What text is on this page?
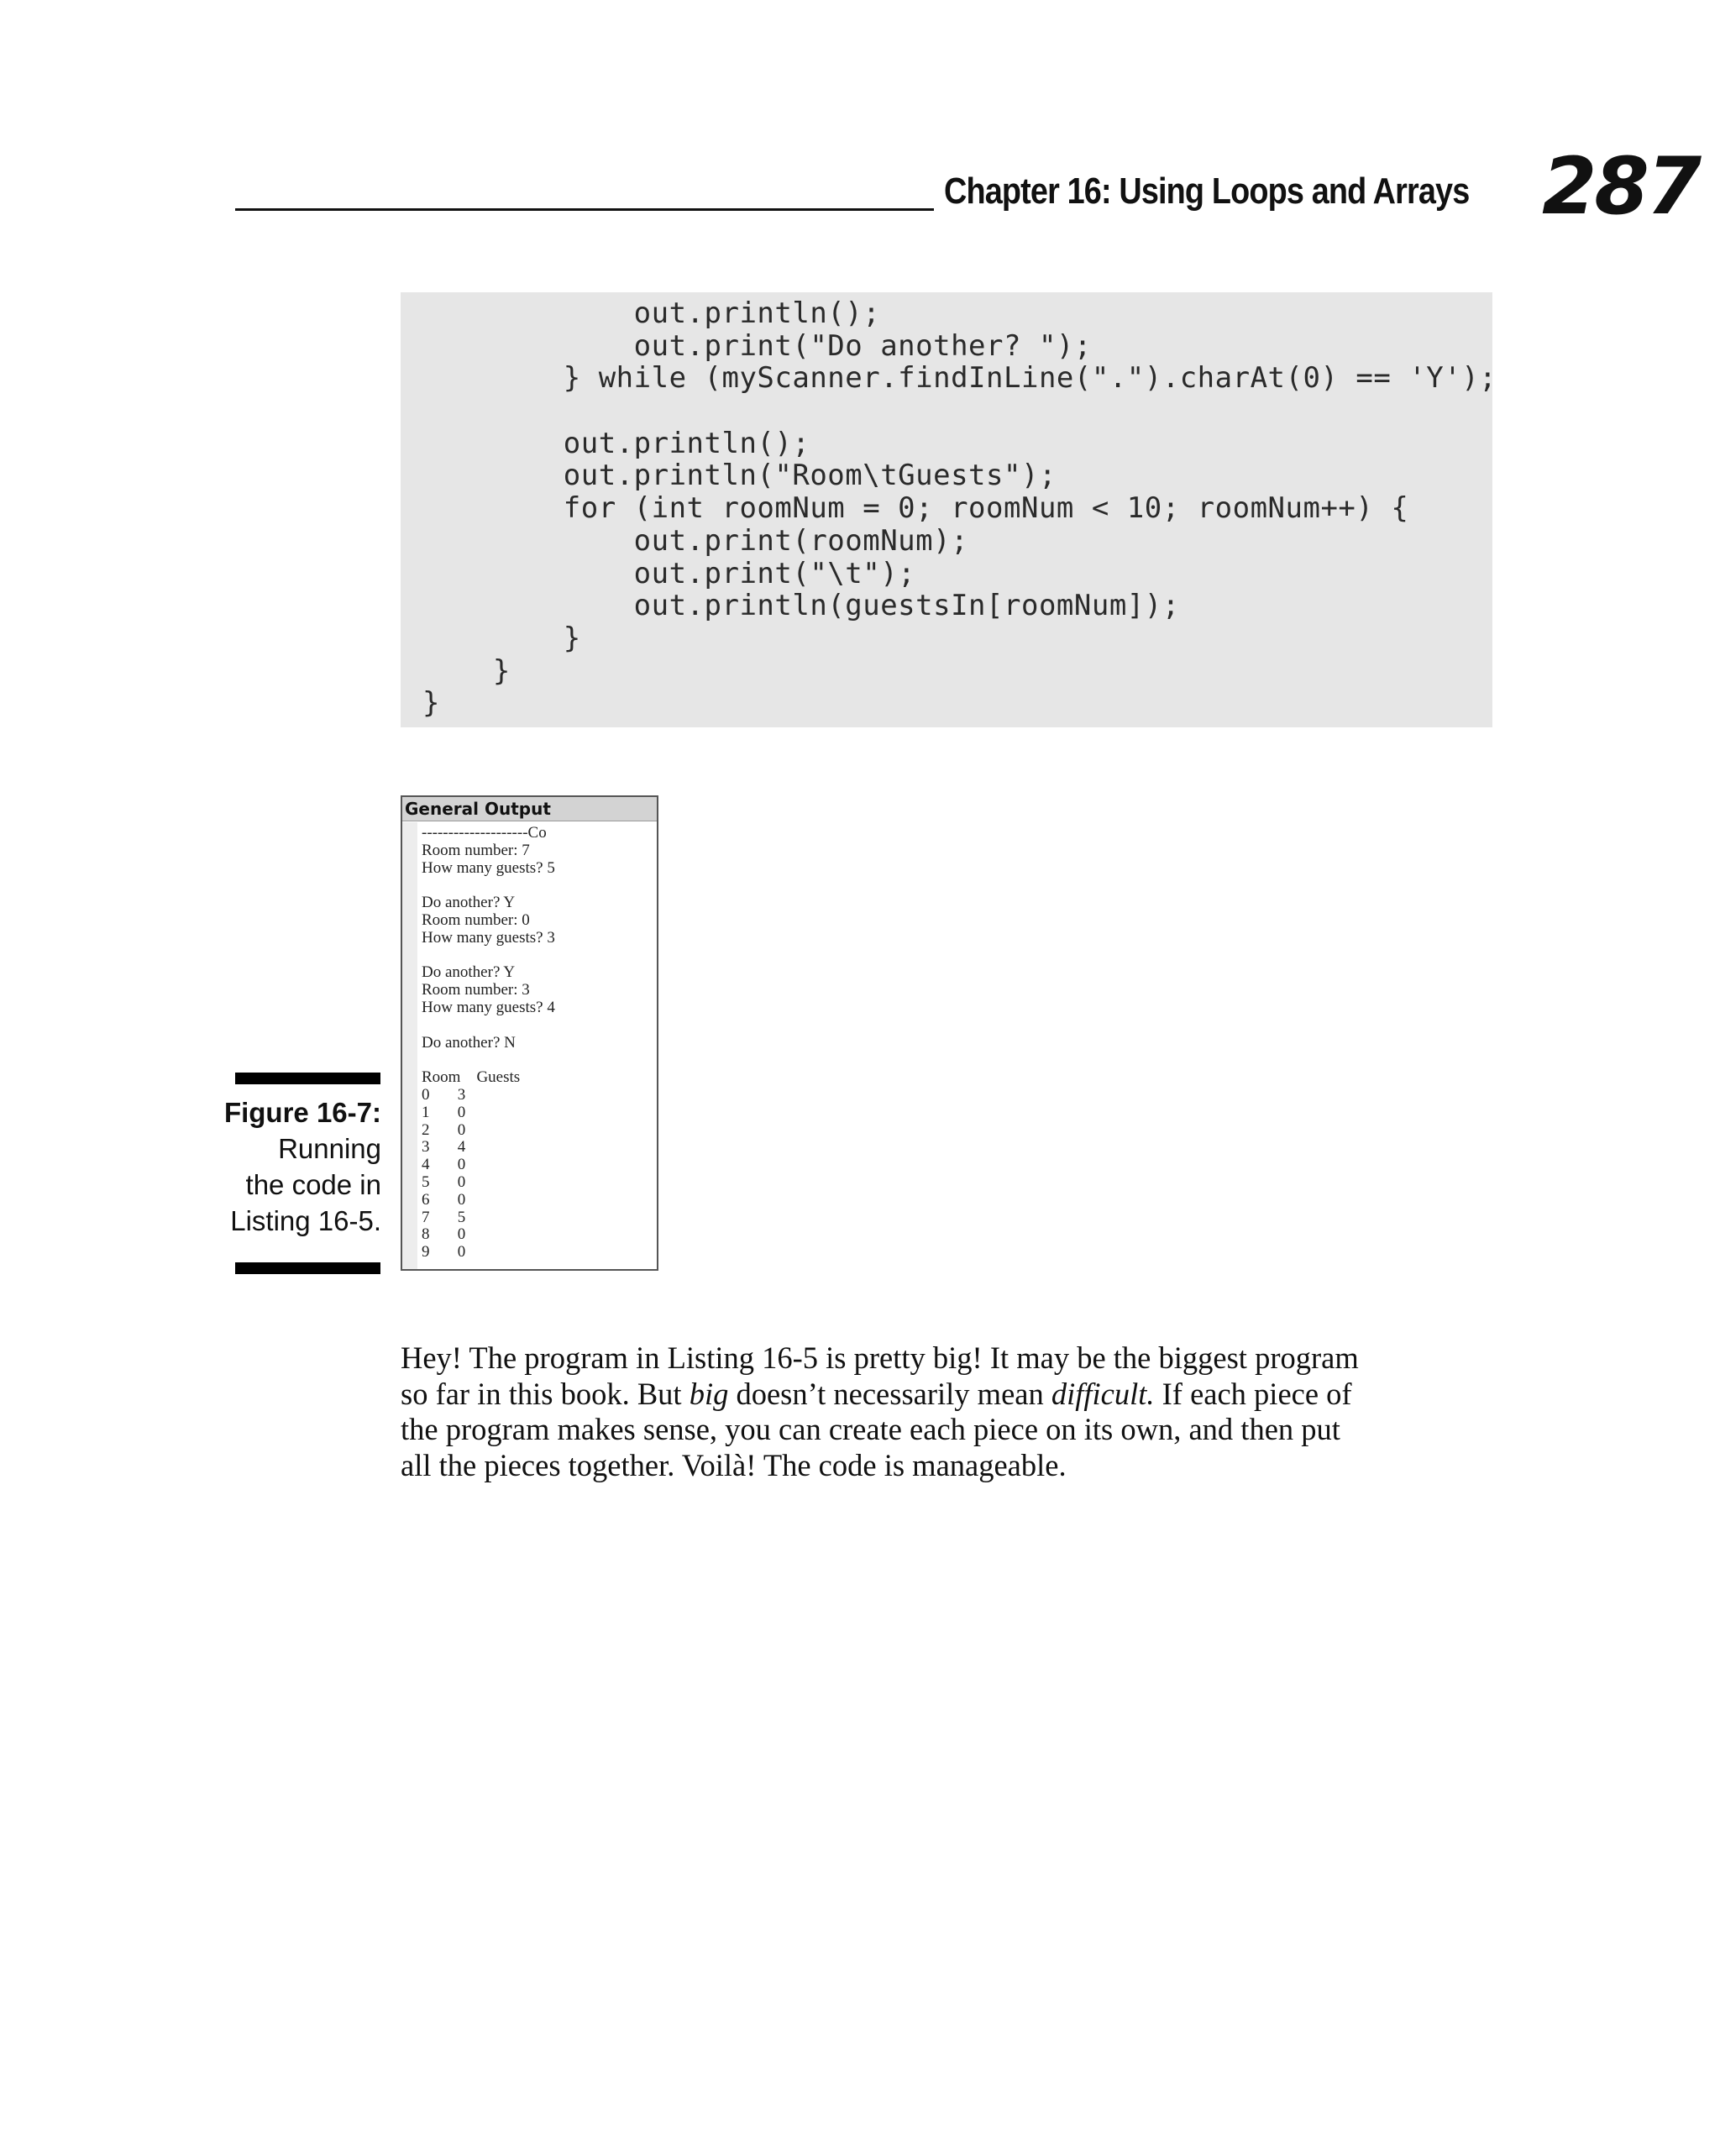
Chapter 16: Using Loops and Arrays 287
out.println();
out.print("Do another? ");
} while (myScanner.findInLine(".").charAt(0) == 'Y');
out.println();
out.println("Room\tGuests");
for (int roomNum = 0; roomNum < 10; roomNum++) {
out.print(roomNum);
out.print("\t");
out.println(guestsIn[roomNum]);
}
}
}
Figure 16-7:
Running
the code in
Listing 16-5.
General Output
--------------------Co
Room number: 7
How many guests? 5
Do another? Y
Room number: 0
How many guests? 3
Do another? Y
Room number: 3
How many guests? 4
Do another? N
Room    Guests
0       3
1       0
2       0
3       4
4       0
5       0
6       0
7       5
8       0
9       0

Hey! The program in Listing 16-5 is pretty big! It may be the biggest program

so far in this book. But big doesn’t necessarily mean difficult. If each piece of

the program makes sense, you can create each piece on its own, and then put

all the pieces together. Voilà! The code is manageable.
